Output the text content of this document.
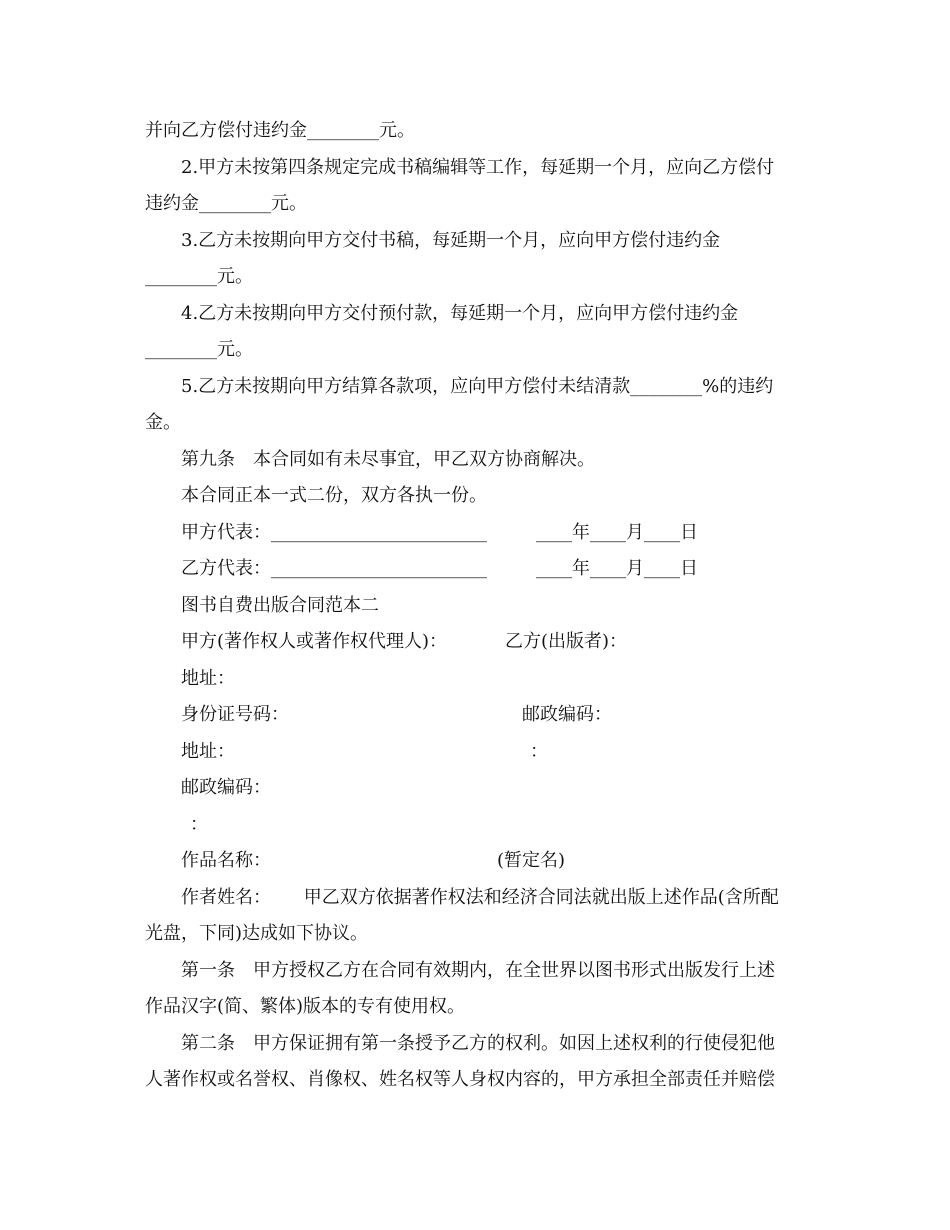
并向乙方偿付违约金________元。
2.甲方未按第四条规定完成书稿编辑等工作，每延期一个月，应向乙方偿付
违约金________元。
3.乙方未按期向甲方交付书稿，每延期一个月，应向甲方偿付违约金
________元。
4.乙方未按期向甲方交付预付款，每延期一个月，应向甲方偿付违约金
________元。
5.乙方未按期向甲方结算各款项，应向甲方偿付未结清款________%的违约
金。
第九条　本合同如有未尽事宜，甲乙双方协商解决。
本合同正本一式二份，双方各执一份。
甲方代表：________________________	____年____月____日
乙方代表：________________________	____年____月____日
图书自费出版合同范本二
甲方(著作权人或著作权代理人)：	乙方(出版者)：
地址：
身份证号码：	邮政编码：
地址：	：
邮政编码：
：
作品名称：	(暂定名)
作者姓名：　　 甲乙双方依据著作权法和经济合同法就出版上述作品(含所配
光盘，下同)达成如下协议。
第一条　甲方授权乙方在合同有效期内，在全世界以图书形式出版发行上述
作品汉字(简、繁体)版本的专有使用权。
第二条　甲方保证拥有第一条授予乙方的权利。如因上述权利的行使侵犯他
人著作权或名誉权、肖像权、姓名权等人身权内容的，甲方承担全部责任并赔偿
